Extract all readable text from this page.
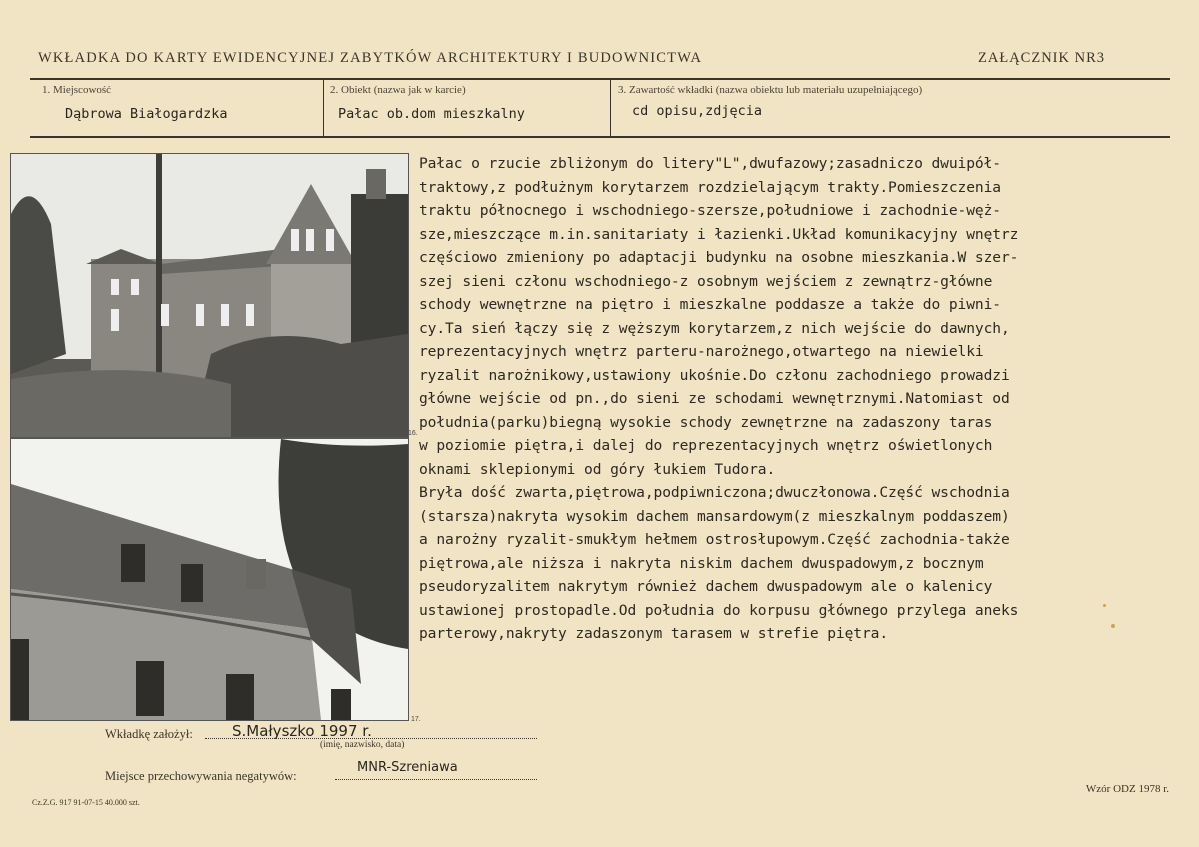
WKŁADKA DO KARTY EWIDENCYJNEJ ZABYTKÓW ARCHITEKTURY I BUDOWNICTWA	ZAŁĄCZNIK NR3
1. Miejscowość
Dąbrowa Białogardzka
2. Obiekt (nazwa jak w karcie)
Pałac ob.dom mieszkalny
3. Zawartość wkładki (nazwa obiektu lub materiału uzupełniającego)
cd opisu,zdjęcia
16.
17.
Pałac o rzucie zbliżonym do litery"L",dwufazowy;zasadniczo dwuipół-
traktowy,z podłużnym korytarzem rozdzielającym trakty.Pomieszczenia
traktu północnego i wschodniego-szersze,południowe i zachodnie-węż-
sze,mieszczące m.in.sanitariaty i łazienki.Układ komunikacyjny wnętrz
częściowo zmieniony po adaptacji budynku na osobne mieszkania.W szer-
szej sieni członu wschodniego-z osobnym wejściem z zewnątrz-główne
schody wewnętrzne na piętro i mieszkalne poddasze a także do piwni-
cy.Ta sień łączy się z węższym korytarzem,z nich wejście do dawnych,
reprezentacyjnych wnętrz parteru-narożnego,otwartego na niewielki
ryzalit narożnikowy,ustawiony ukośnie.Do członu zachodniego prowadzi
główne wejście od pn.,do sieni ze schodami wewnętrznymi.Natomiast od
południa(parku)biegną wysokie schody zewnętrzne na zadaszony taras
w poziomie piętra,i dalej do reprezentacyjnych wnętrz oświetlonych
oknami sklepionymi od góry łukiem Tudora.
Bryła dość zwarta,piętrowa,podpiwniczona;dwuczłonowa.Część wschodnia
(starsza)nakryta wysokim dachem mansardowym(z mieszkalnym poddaszem)
a narożny ryzalit-smukłym hełmem ostrosłupowym.Część zachodnia-także
piętrowa,ale niższa i nakryta niskim dachem dwuspadowym,z bocznym
pseudoryzalitem nakrytym również dachem dwuspadowym ale o kalenicy
ustawionej prostopadle.Od południa do korpusu głównego przylega aneks
parterowy,nakryty zadaszonym tarasem w strefie piętra.
Wkładkę założył:	S.Małyszko 1997 r.
(imię, nazwisko, data)
Miejsce przechowywania negatywów:
MNR-Szreniawa
Cz.Z.G. 917 91-07-15 40.000 szt.
Wzór ODZ 1978 r.
